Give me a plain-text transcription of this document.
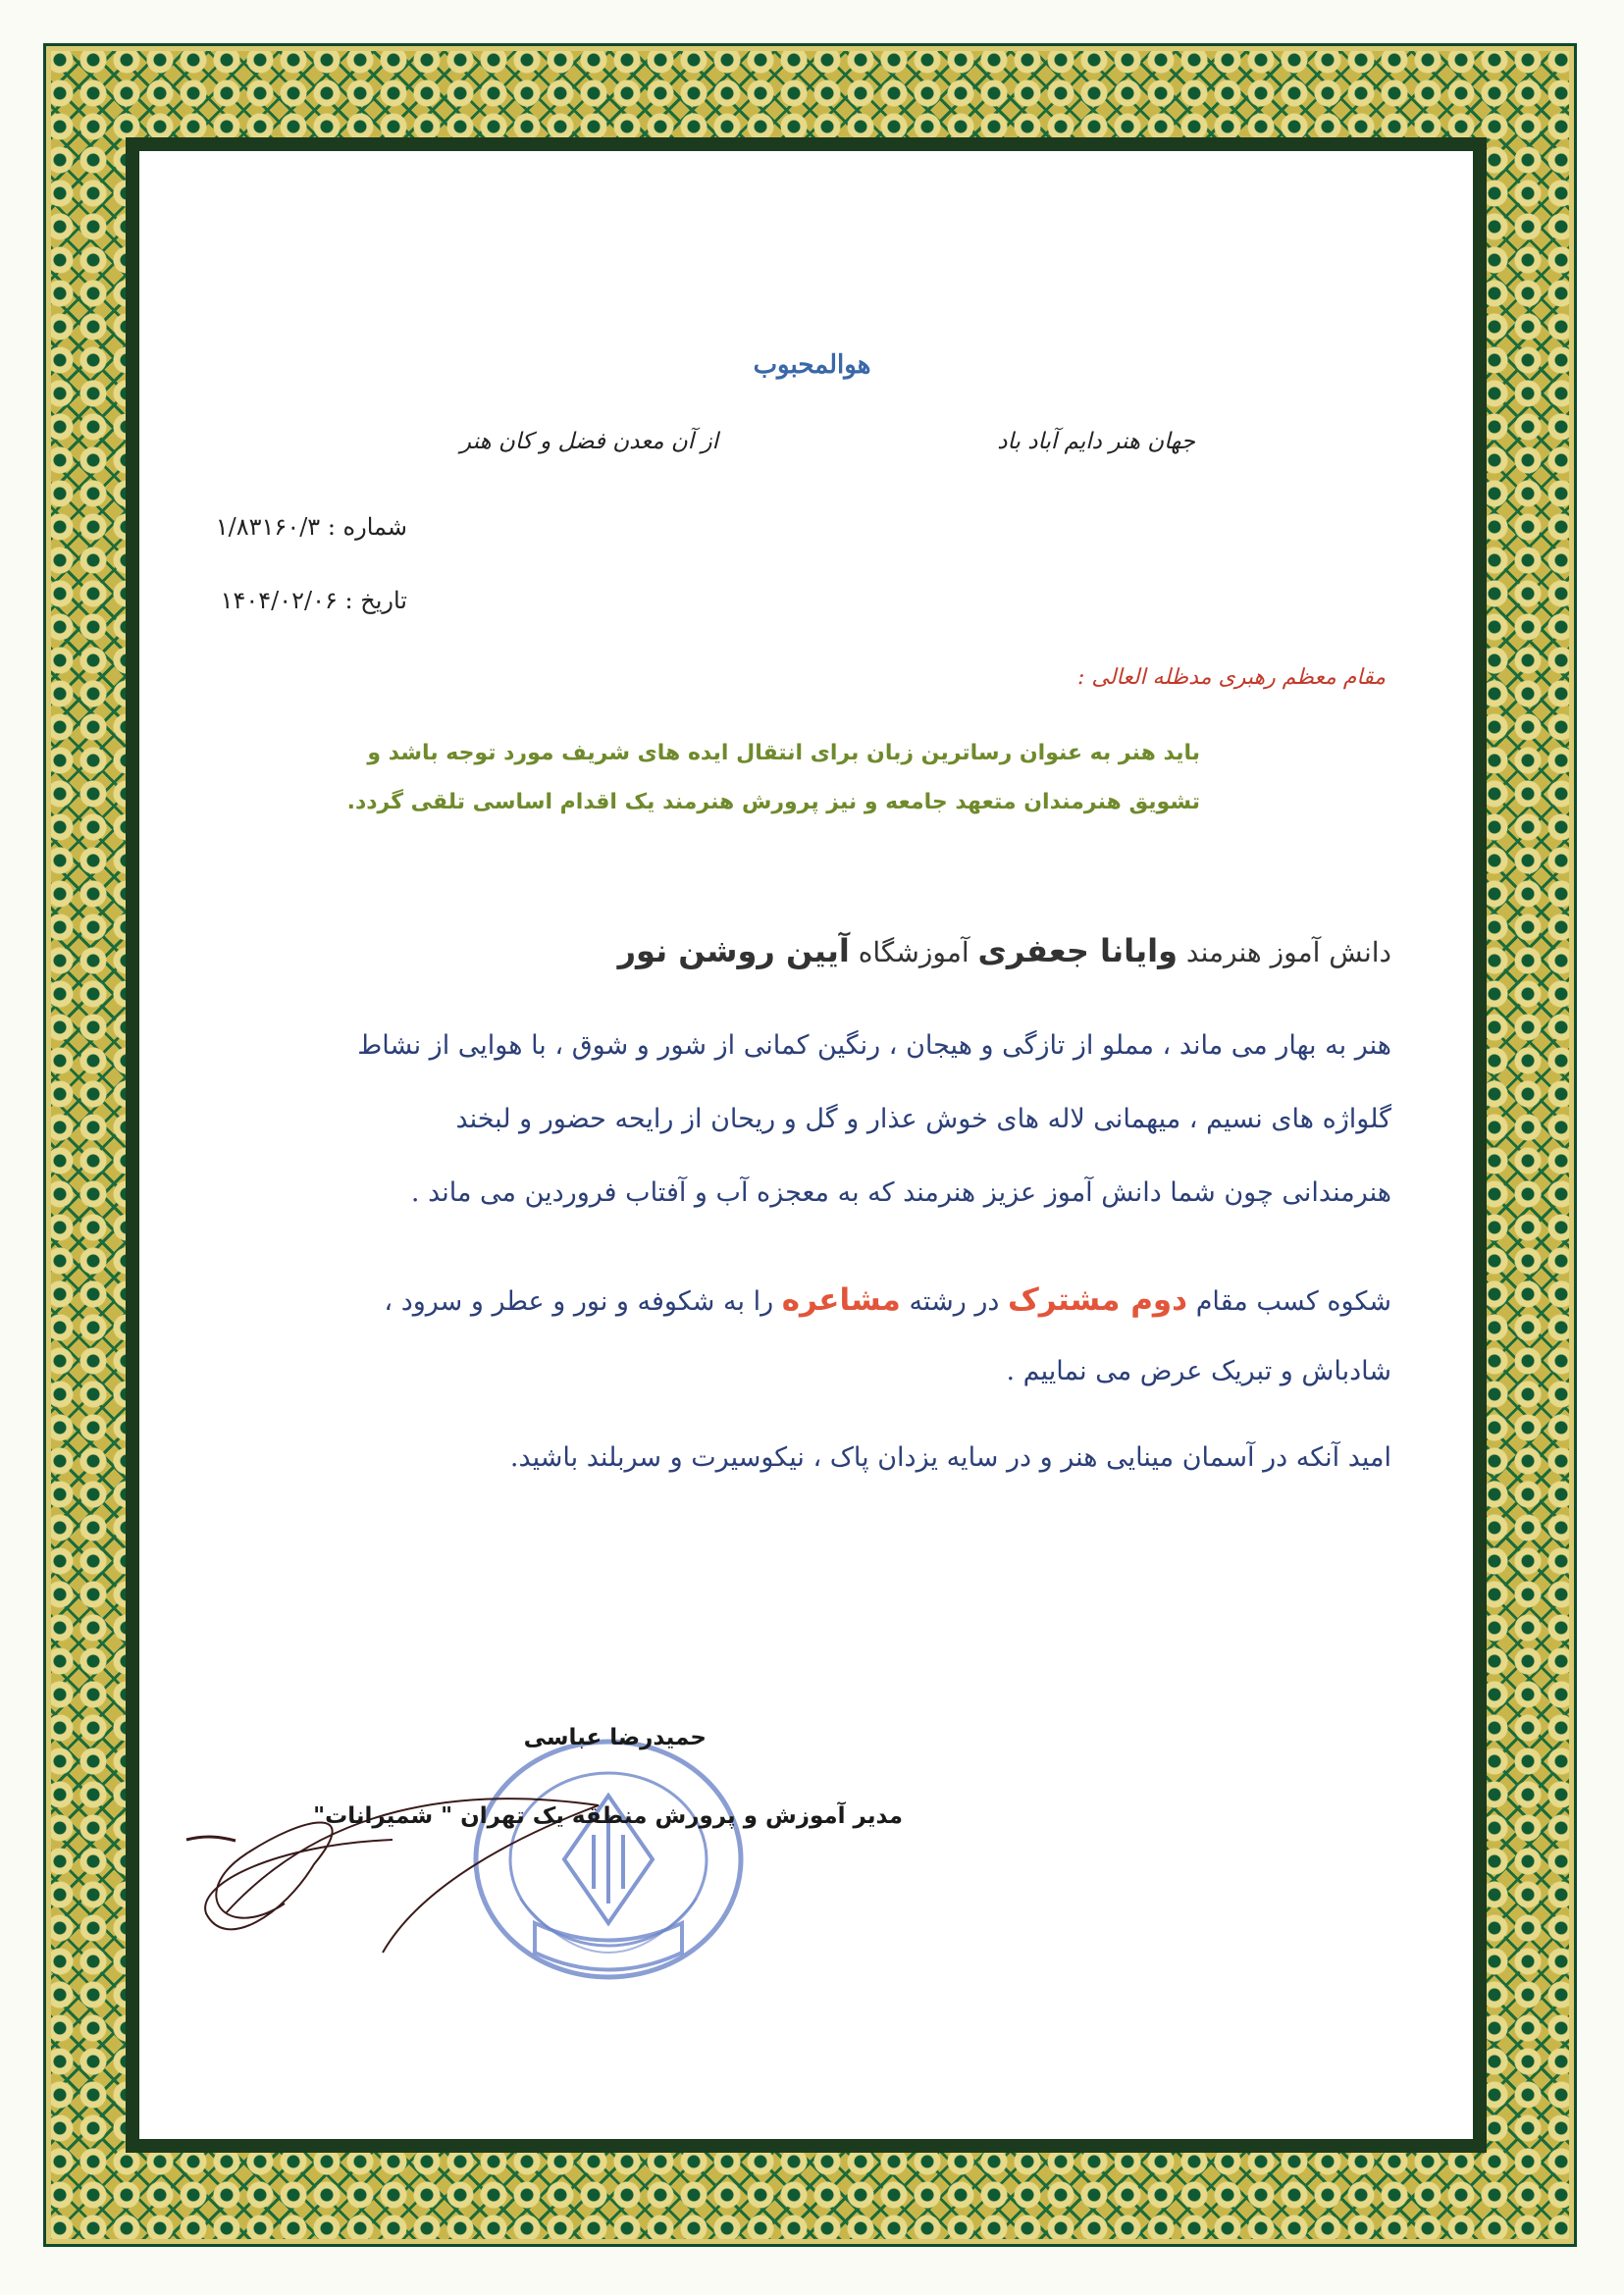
هوالمحبوب
جهان هنر دایم آباد باد
از آن معدن فضل و کان هنر
شماره : ۱/۸۳۱۶۰/۳
تاریخ : ۱۴۰۴/۰۲/۰۶
مقام معظم رهبری مدظله العالی :
باید هنر به عنوان رساترین زبان برای انتقال ایده های شریف مورد توجه باشد و
تشویق هنرمندان متعهد جامعه و نیز پرورش هنرمند یک اقدام اساسی تلقی گردد.
دانش آموز هنرمند وایانا جعفری آموزشگاه آیین روشن نور
هنر به بهار می ماند ، مملو از تازگی و هیجان ، رنگین کمانی از شور و شوق ، با هوایی از نشاط
گلواژه های نسیم ، میهمانی لاله های خوش عذار و گل و ریحان از رایحه حضور و لبخند
هنرمندانی چون شما دانش آموز عزیز هنرمند که به معجزه آب و آفتاب فروردین می ماند .
شکوه کسب مقام دوم مشترک در رشته مشاعره را به شکوفه و نور و عطر و سرود ،
شادباش و تبریک عرض می نماییم .
امید آنکه در آسمان مینایی هنر و در سایه یزدان پاک ، نیکوسیرت و سربلند باشید.
حمیدرضا عباسی
مدیر آموزش و پرورش منطقه یک تهران " شمیرانات"
